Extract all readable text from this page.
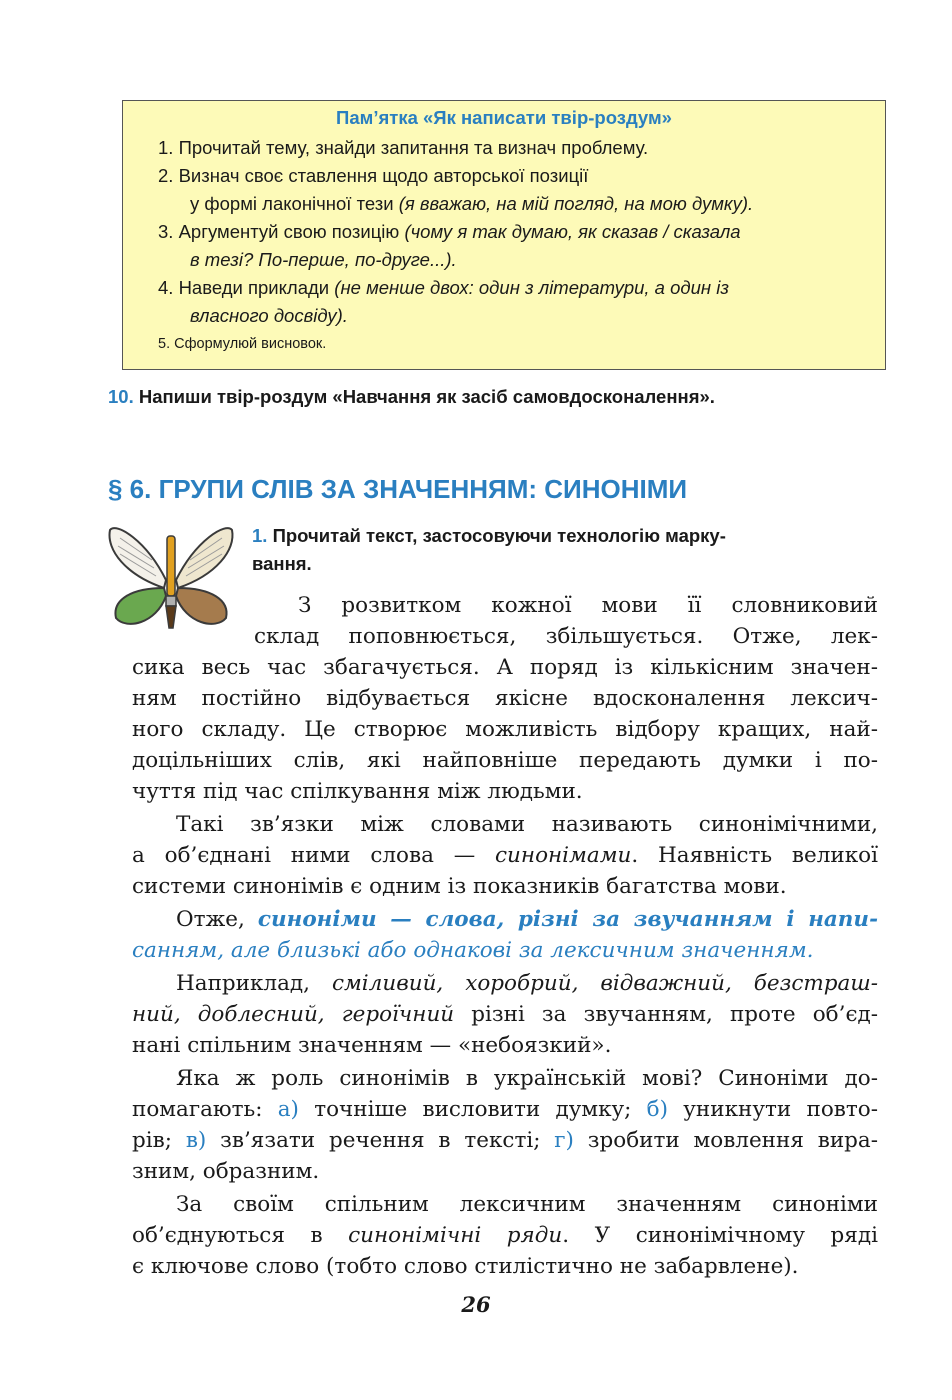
Пам’ятка «Як написати твір-роздум»
1. Прочитай тему, знайди запитання та визнач проблему.
2. Визнач своє ставлення щодо авторської позиції
у формі лаконічної тези (я вважаю, на мій погляд, на мою думку).
3. Аргументуй свою позицію (чому я так думаю, як сказав / сказала
в тезі? По-перше, по-друге...).
4. Наведи приклади (не менше двох: один з літератури, а один із
власного досвіду).
5. Сформулюй висновок.
10. Напиши твір-роздум «Навчання як засіб самовдосконалення».
§ 6. ГРУПИ СЛІВ ЗА ЗНАЧЕННЯМ: СИНОНІМИ
1. Прочитай текст, застосовуючи технологію марку-
вання.
З розвитком кожної мови її словниковий
склад поповнюється, збільшується. Отже, лек-
сика весь час збагачується. А поряд із кількісним значен-
ням постійно відбувається якісне вдосконалення лексич-
ного складу. Це створює можливість відбору кращих, най-
доцільніших слів, які найповніше передають думки і по-
чуття під час спілкування між людьми.
Такі зв’язки між словами називають синонімічними,
а об’єднані ними слова — синонімами. Наявність великої
системи синонімів є одним із показників багатства мови.
Отже, синоніми — слова, різні за звучанням і напи-
санням, але близькі або однакові за лексичним значенням.
Наприклад, сміливий, хоробрий, відважний, безстраш-
ний, доблесний, героїчний різні за звучанням, проте об’єд-
нані спільним значенням — «небоязкий».
Яка ж роль синонімів в українській мові? Синоніми до-
помагають: а) точніше висловити думку; б) уникнути повто-
рів; в) зв’язати речення в тексті; г) зробити мовлення вира-
зним, образним.
За своїм спільним лексичним значенням синоніми
об’єднуються в синонімічні ряди. У синонімічному ряді
є ключове слово (тобто слово стилістично не забарвлене).
26
